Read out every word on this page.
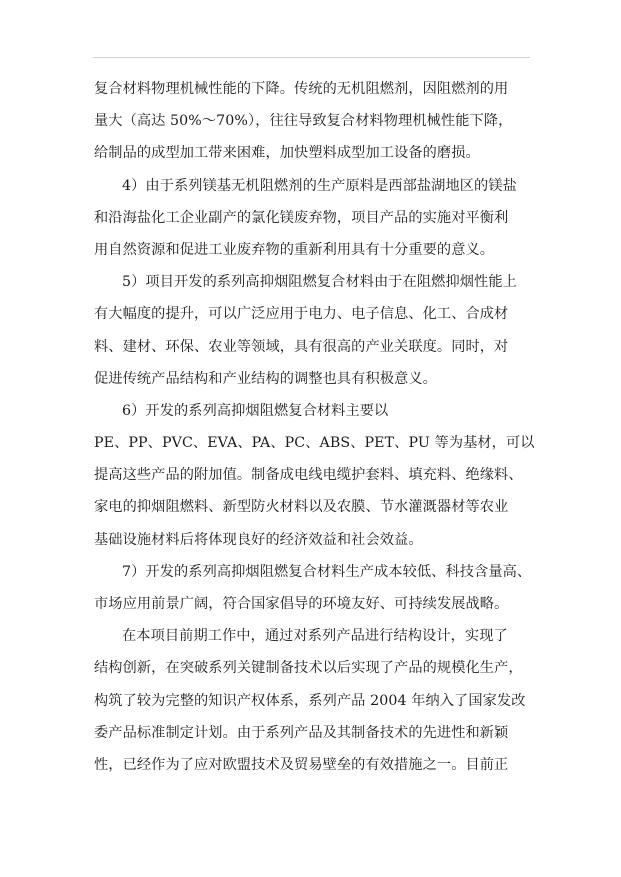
复合材料物理机械性能的下降。传统的无机阻燃剂，因阻燃剂的用
量大（高达 50%～70%），往往导致复合材料物理机械性能下降，
给制品的成型加工带来困难，加快塑料成型加工设备的磨损。
4）由于系列镁基无机阻燃剂的生产原料是西部盐湖地区的镁盐
和沿海盐化工企业副产的氯化镁废弃物，项目产品的实施对平衡利
用自然资源和促进工业废弃物的重新利用具有十分重要的意义。
5）项目开发的系列高抑烟阻燃复合材料由于在阻燃抑烟性能上
有大幅度的提升，可以广泛应用于电力、电子信息、化工、合成材
料、建材、环保、农业等领域，具有很高的产业关联度。同时，对
促进传统产品结构和产业结构的调整也具有积极意义。
6）开发的系列高抑烟阻燃复合材料主要以
PE、PP、PVC、EVA、PA、PC、ABS、PET、PU 等为基材，可以
提高这些产品的附加值。制备成电线电缆护套料、填充料、绝缘料、
家电的抑烟阻燃料、新型防火材料以及农膜、节水灌溉器材等农业
基础设施材料后将体现良好的经济效益和社会效益。
7）开发的系列高抑烟阻燃复合材料生产成本较低、科技含量高、
市场应用前景广阔，符合国家倡导的环境友好、可持续发展战略。
在本项目前期工作中，通过对系列产品进行结构设计，实现了
结构创新，在突破系列关键制备技术以后实现了产品的规模化生产，
构筑了较为完整的知识产权体系，系列产品 2004 年纳入了国家发改
委产品标准制定计划。由于系列产品及其制备技术的先进性和新颖
性，已经作为了应对欧盟技术及贸易壁垒的有效措施之一。目前正
